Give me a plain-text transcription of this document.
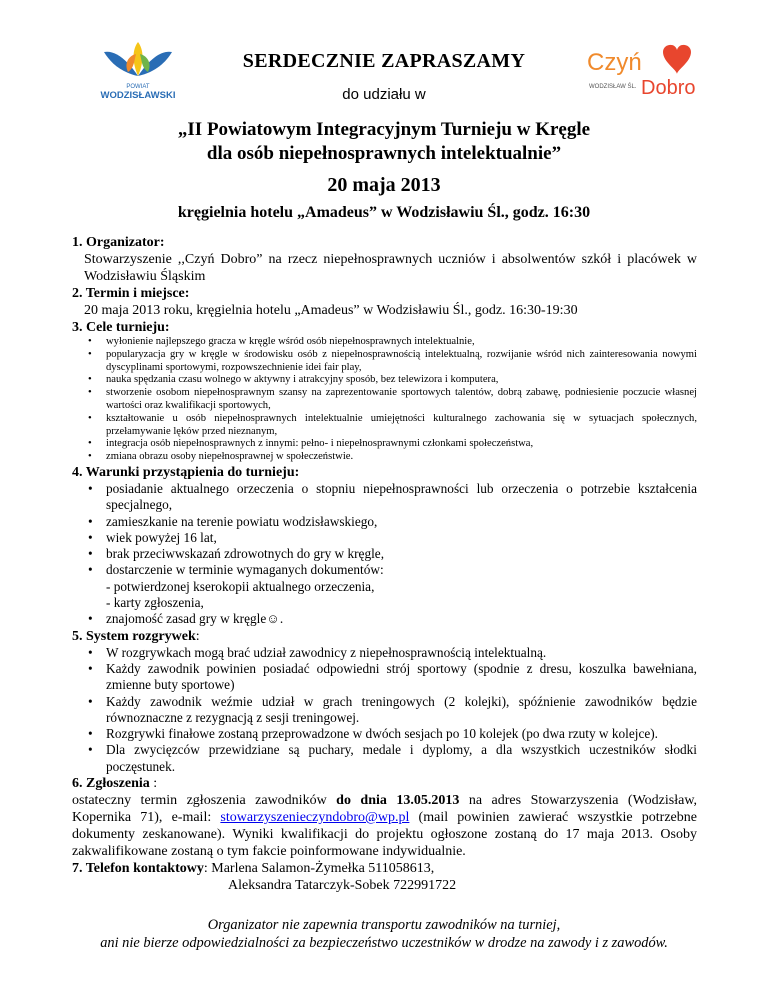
POWIAT
WODZISŁAWSKI
Czyń
Dobro
WODZISŁAW ŚL.
SERDECZNIE ZAPRASZAMY
do udziału w
„II Powiatowym Integracyjnym Turnieju w Kręgle
dla osób niepełnosprawnych intelektualnie”
20 maja 2013
kręgielnia hotelu „Amadeus” w Wodzisławiu Śl., godz. 16:30
1. Organizator:
Stowarzyszenie ,,Czyń Dobro” na rzecz niepełnosprawnych uczniów i absolwentów szkół i placówek w Wodzisławiu Śląskim
2. Termin i miejsce:
20 maja 2013 roku, kręgielnia hotelu „Amadeus” w Wodzisławiu Śl., godz. 16:30-19:30
3. Cele turnieju:
• wyłonienie najlepszego gracza w kręgle wśród osób niepełnosprawnych intelektualnie,
• popularyzacja gry w kręgle w środowisku osób z niepełnosprawnością intelektualną, rozwijanie wśród nich zainteresowania nowymi dyscyplinami sportowymi, rozpowszechnienie idei fair play,
• nauka spędzania czasu wolnego w aktywny i atrakcyjny sposób, bez telewizora i komputera,
• stworzenie osobom niepełnosprawnym szansy na zaprezentowanie sportowych talentów, dobrą zabawę, podniesienie poczucie własnej wartości oraz kwalifikacji sportowych,
• kształtowanie u osób niepełnosprawnych intelektualnie umiejętności kulturalnego zachowania się w sytuacjach społecznych, przełamywanie lęków przed nieznanym,
• integracja osób niepełnosprawnych z innymi: pełno- i niepełnosprawnymi członkami społeczeństwa,
• zmiana obrazu osoby niepełnosprawnej w społeczeństwie.
4. Warunki przystąpienia do turnieju:
• posiadanie aktualnego orzeczenia o stopniu niepełnosprawności lub orzeczenia o potrzebie kształcenia specjalnego,
• zamieszkanie na terenie powiatu wodzisławskiego,
• wiek powyżej 16 lat,
• brak przeciwwskazań zdrowotnych do gry w kręgle,
• dostarczenie w terminie wymaganych dokumentów:
- potwierdzonej kserokopii aktualnego orzeczenia,
- karty zgłoszenia,
• znajomość zasad gry w kręgle☺.
5. System rozgrywek:
• W rozgrywkach mogą brać udział zawodnicy z niepełnosprawnością intelektualną.
• Każdy zawodnik powinien posiadać odpowiedni strój sportowy (spodnie z dresu, koszulka bawełniana, zmienne buty sportowe)
• Każdy zawodnik weźmie udział w grach treningowych (2 kolejki), spóźnienie zawodników będzie równoznaczne z rezygnacją z sesji treningowej.
• Rozgrywki finałowe zostaną przeprowadzone w dwóch sesjach po 10 kolejek (po dwa rzuty w kolejce).
• Dla zwycięzców przewidziane są puchary, medale i dyplomy, a dla wszystkich uczestników słodki poczęstunek.
6. Zgłoszenia :
ostateczny termin zgłoszenia zawodników do dnia 13.05.2013 na adres Stowarzyszenia (Wodzisław, Kopernika 71), e-mail: stowarzyszenieczyndobro@wp.pl (mail powinien zawierać wszystkie potrzebne dokumenty zeskanowane). Wyniki kwalifikacji do projektu ogłoszone zostaną do 17 maja 2013. Osoby zakwalifikowane zostaną o tym fakcie poinformowane indywidualnie.
7. Telefon kontaktowy: Marlena Salamon-Żymełka 511058613,
Aleksandra Tatarczyk-Sobek 722991722
Organizator nie zapewnia transportu zawodników na turniej,
ani nie bierze odpowiedzialności za bezpieczeństwo uczestników w drodze na zawody i z zawodów.
